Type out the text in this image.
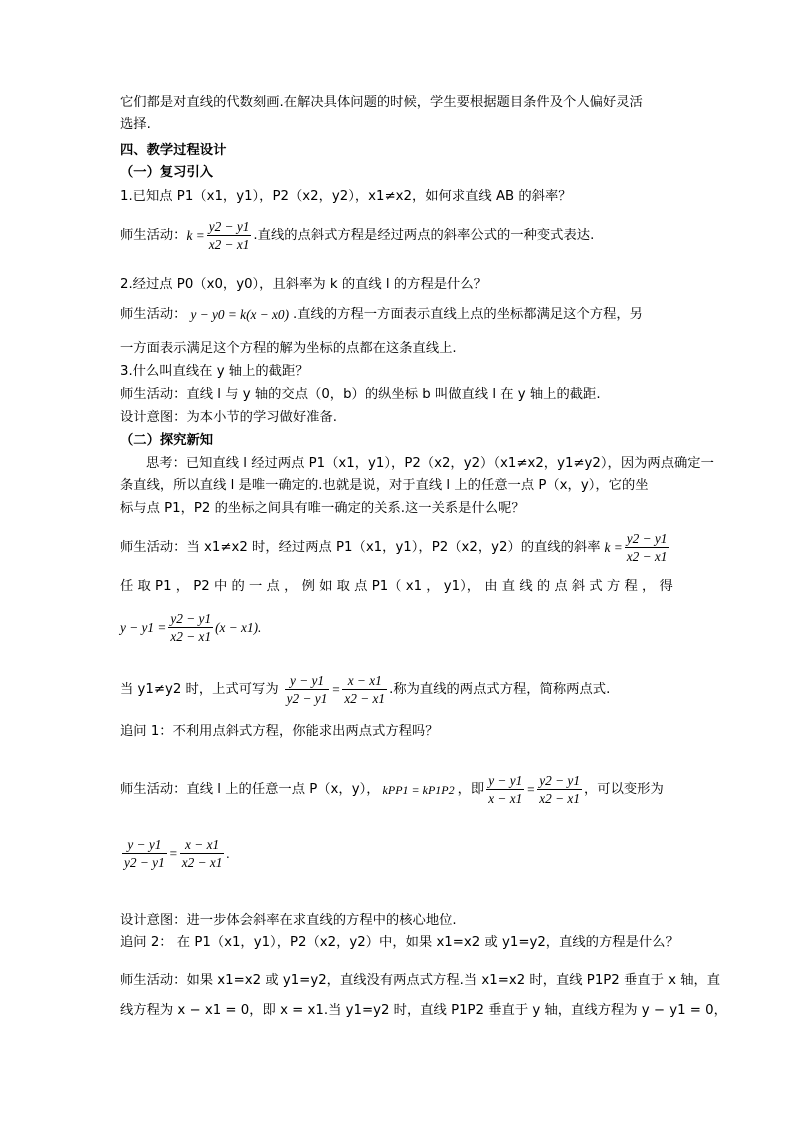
它们都是对直线的代数刻画.在解决具体问题的时候，学生要根据题目条件及个人偏好灵活
选择.
四、教学过程设计
（一）复习引入
1.已知点 P1（x1，y1），P2（x2，y2），x1≠x2，如何求直线 AB 的斜率？
师生活动： $k = \frac{y2 - y1}{x2 - x1}$ .直线的点斜式方程是经过两点的斜率公式的一种变式表达.
2.经过点 P0（x0，y0），且斜率为 k 的直线 l 的方程是什么？
师生活动： y − y0 = k(x − x0) .直线的方程一方面表示直线上点的坐标都满足这个方程，另
一方面表示满足这个方程的解为坐标的点都在这条直线上.
3.什么叫直线在 y 轴上的截距？
师生活动：直线 l 与 y 轴的交点（0，b）的纵坐标 b 叫做直线 l 在 y 轴上的截距.
设计意图：为本小节的学习做好准备.
（二）探究新知
思考：已知直线 l 经过两点 P1（x1，y1），P2（x2，y2）（x1≠x2，y1≠y2），因为两点确定一
条直线，所以直线 l 是唯一确定的.也就是说，对于直线 l 上的任意一点 P（x，y），它的坐
标与点 P1，P2 的坐标之间具有唯一确定的关系.这一关系是什么呢？
师生活动：当 x1≠x2 时，经过两点 P1（x1，y1），P2（x2，y2）的直线的斜率 $k = \frac{y2 - y1}{x2 - x1}$
任 取 P1 ， P2 中 的 一 点 ， 例 如 取 点 P1（ x1 ， y1）， 由 直 线 的 点 斜 式 方 程 ， 得
$y - y1 = \frac{y2 - y1}{x2 - x1} (x - x1)$.
当 y1≠y2 时，上式可写为 $\frac{y - y1}{y2 - y1} = \frac{x - x1}{x2 - x1}$ .称为直线的两点式方程，简称两点式.
追问 1：不利用点斜式方程，你能求出两点式方程吗？
师生活动：直线 l 上的任意一点 P（x，y）， kPP1 = kP1P2 ，即 $\frac{y - y1}{x - x1} = \frac{y2 - y1}{x2 - x1}$ ，可以变形为
$\frac{y - y1}{y2 - y1} = \frac{x - x1}{x2 - x1}$ .
设计意图：进一步体会斜率在求直线的方程中的核心地位.
追问 2： 在 P1（x1，y1），P2（x2，y2）中，如果 x1=x2 或 y1=y2，直线的方程是什么？
师生活动：如果 x1=x2 或 y1=y2，直线没有两点式方程.当 x1=x2 时，直线 P1P2 垂直于 x 轴，直
线方程为 x − x1 = 0，即 x = x1.当 y1=y2 时，直线 P1P2 垂直于 y 轴，直线方程为 y − y1 = 0，
